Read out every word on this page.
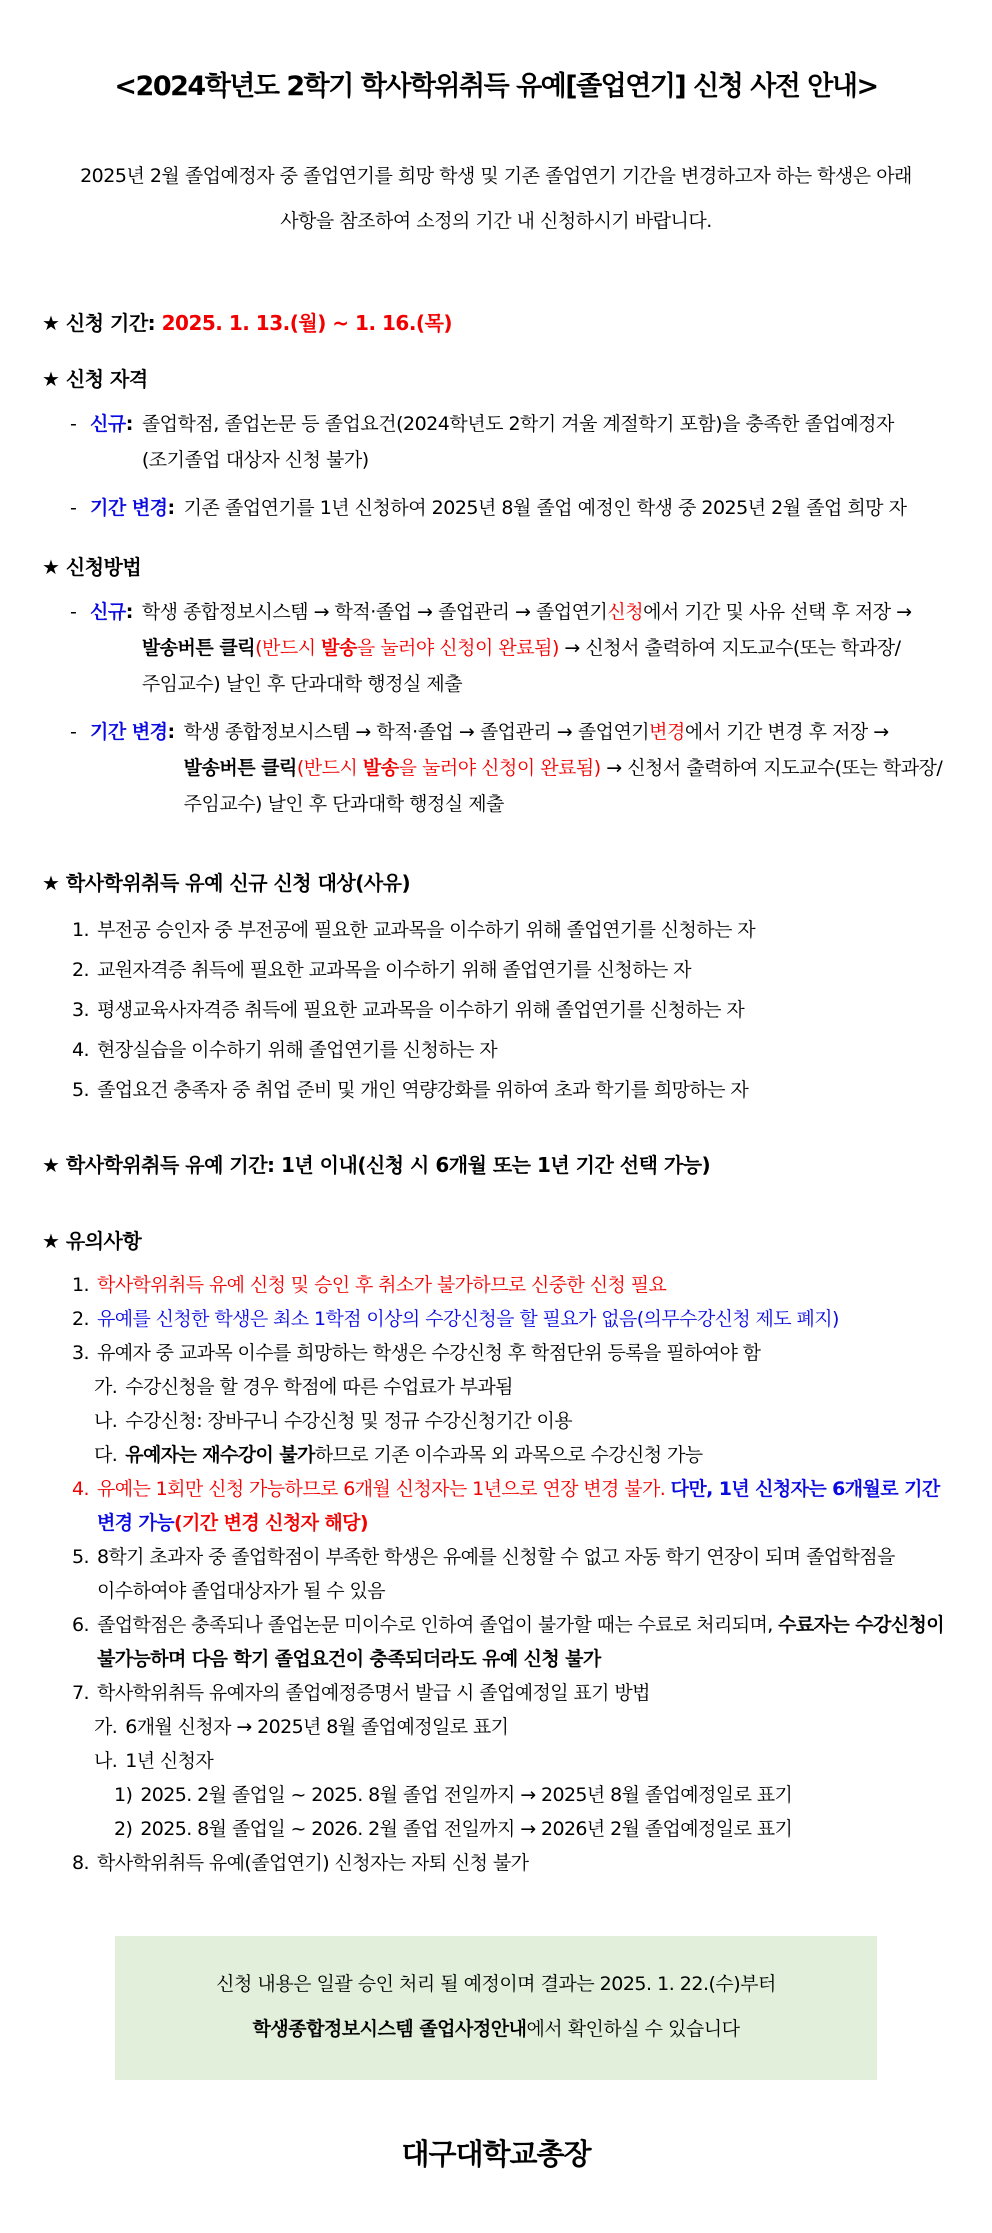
<2024학년도 2학기 학사학위취득 유예[졸업연기] 신청 사전 안내>

2025년 2월 졸업예정자 중 졸업연기를 희망 학생 및 기존 졸업연기 기간을 변경하고자 하는 학생은 아래 사항을 참조하여 소정의 기간 내 신청하시기 바랍니다.

★ 신청 기간: 2025. 1. 13.(월) ~ 1. 16.(목)
★ 신청 자격
- 신규: 졸업학점, 졸업논문 등 졸업요건(2024학년도 2학기 겨울 계절학기 포함)을 충족한 졸업예정자(조기졸업 대상자 신청 불가)
- 기간 변경: 기존 졸업연기를 1년 신청하여 2025년 8월 졸업 예정인 학생 중 2025년 2월 졸업 희망 자
★ 신청방법
- 신규: 학생 종합정보시스템 → 학적·졸업 → 졸업관리 → 졸업연기신청에서 기간 및 사유 선택 후 저장 → 발송버튼 클릭(반드시 발송을 눌러야 신청이 완료됨) → 신청서 출력하여 지도교수(또는 학과장/주임교수) 날인 후 단과대학 행정실 제출
- 기간 변경: 학생 종합정보시스템 → 학적·졸업 → 졸업관리 → 졸업연기변경에서 기간 변경 후 저장 → 발송버튼 클릭(반드시 발송을 눌러야 신청이 완료됨) → 신청서 출력하여 지도교수(또는 학과장/주임교수) 날인 후 단과대학 행정실 제출
★ 학사학위취득 유예 신규 신청 대상(사유)
1. 부전공 승인자 중 부전공에 필요한 교과목을 이수하기 위해 졸업연기를 신청하는 자
2. 교원자격증 취득에 필요한 교과목을 이수하기 위해 졸업연기를 신청하는 자
3. 평생교육사자격증 취득에 필요한 교과목을 이수하기 위해 졸업연기를 신청하는 자
4. 현장실습을 이수하기 위해 졸업연기를 신청하는 자
5. 졸업요건 충족자 중 취업 준비 및 개인 역량강화를 위하여 초과 학기를 희망하는 자
★ 학사학위취득 유예 기간: 1년 이내(신청 시 6개월 또는 1년 기간 선택 가능)
★ 유의사항
1. 학사학위취득 유예 신청 및 승인 후 취소가 불가하므로 신중한 신청 필요
2. 유예를 신청한 학생은 최소 1학점 이상의 수강신청을 할 필요가 없음(의무수강신청 제도 폐지)
3. 유예자 중 교과목 이수를 희망하는 학생은 수강신청 후 학점단위 등록을 필하여야 함
가. 수강신청을 할 경우 학점에 따른 수업료가 부과됨
나. 수강신청: 장바구니 수강신청 및 정규 수강신청기간 이용
다. 유예자는 재수강이 불가하므로 기존 이수과목 외 과목으로 수강신청 가능
4. 유예는 1회만 신청 가능하므로 6개월 신청자는 1년으로 연장 변경 불가. 다만, 1년 신청자는 6개월로 기간 변경 가능(기간 변경 신청자 해당)
5. 8학기 초과자 중 졸업학점이 부족한 학생은 유예를 신청할 수 없고 자동 학기 연장이 되며 졸업학점을 이수하여야 졸업대상자가 될 수 있음
6. 졸업학점은 충족되나 졸업논문 미이수로 인하여 졸업이 불가할 때는 수료로 처리되며, 수료자는 수강신청이 불가능하며 다음 학기 졸업요건이 충족되더라도 유예 신청 불가
7. 학사학위취득 유예자의 졸업예정증명서 발급 시 졸업예정일 표기 방법
가. 6개월 신청자 → 2025년 8월 졸업예정일로 표기
나. 1년 신청자
1) 2025. 2월 졸업일 ~ 2025. 8월 졸업 전일까지 → 2025년 8월 졸업예정일로 표기
2) 2025. 8월 졸업일 ~ 2026. 2월 졸업 전일까지 → 2026년 2월 졸업예정일로 표기
8. 학사학위취득 유예(졸업연기) 신청자는 자퇴 신청 불가
신청 내용은 일괄 승인 처리 될 예정이며 결과는 2025. 1. 22.(수)부터
학생종합정보시스템 졸업사정안내에서 확인하실 수 있습니다
대구대학교총장
